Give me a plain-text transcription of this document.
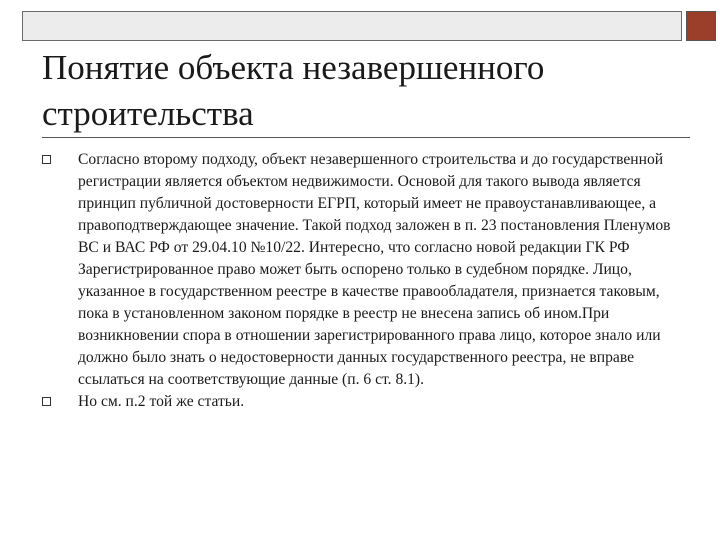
Понятие объекта незавершенного строительства
Согласно второму подходу, объект незавершенного строительства и до государственной регистрации является объектом недвижимости. Основой для такого вывода является принцип публичной достоверности ЕГРП, который имеет не правоустанавливающее, а правоподтверждающее значение. Такой подход заложен в п. 23 постановления Пленумов ВС и ВАС РФ от 29.04.10 №10/22. Интересно, что согласно новой редакции ГК РФ Зарегистрированное право может быть оспорено только в судебном порядке. Лицо, указанное в государственном реестре в качестве правообладателя, признается таковым, пока в установленном законом порядке в реестр не внесена запись об ином.При возникновении спора в отношении зарегистрированного права лицо, которое знало или должно было знать о недостоверности данных государственного реестра, не вправе ссылаться на соответствующие данные (п. 6 ст. 8.1).
Но см. п.2 той же статьи.
